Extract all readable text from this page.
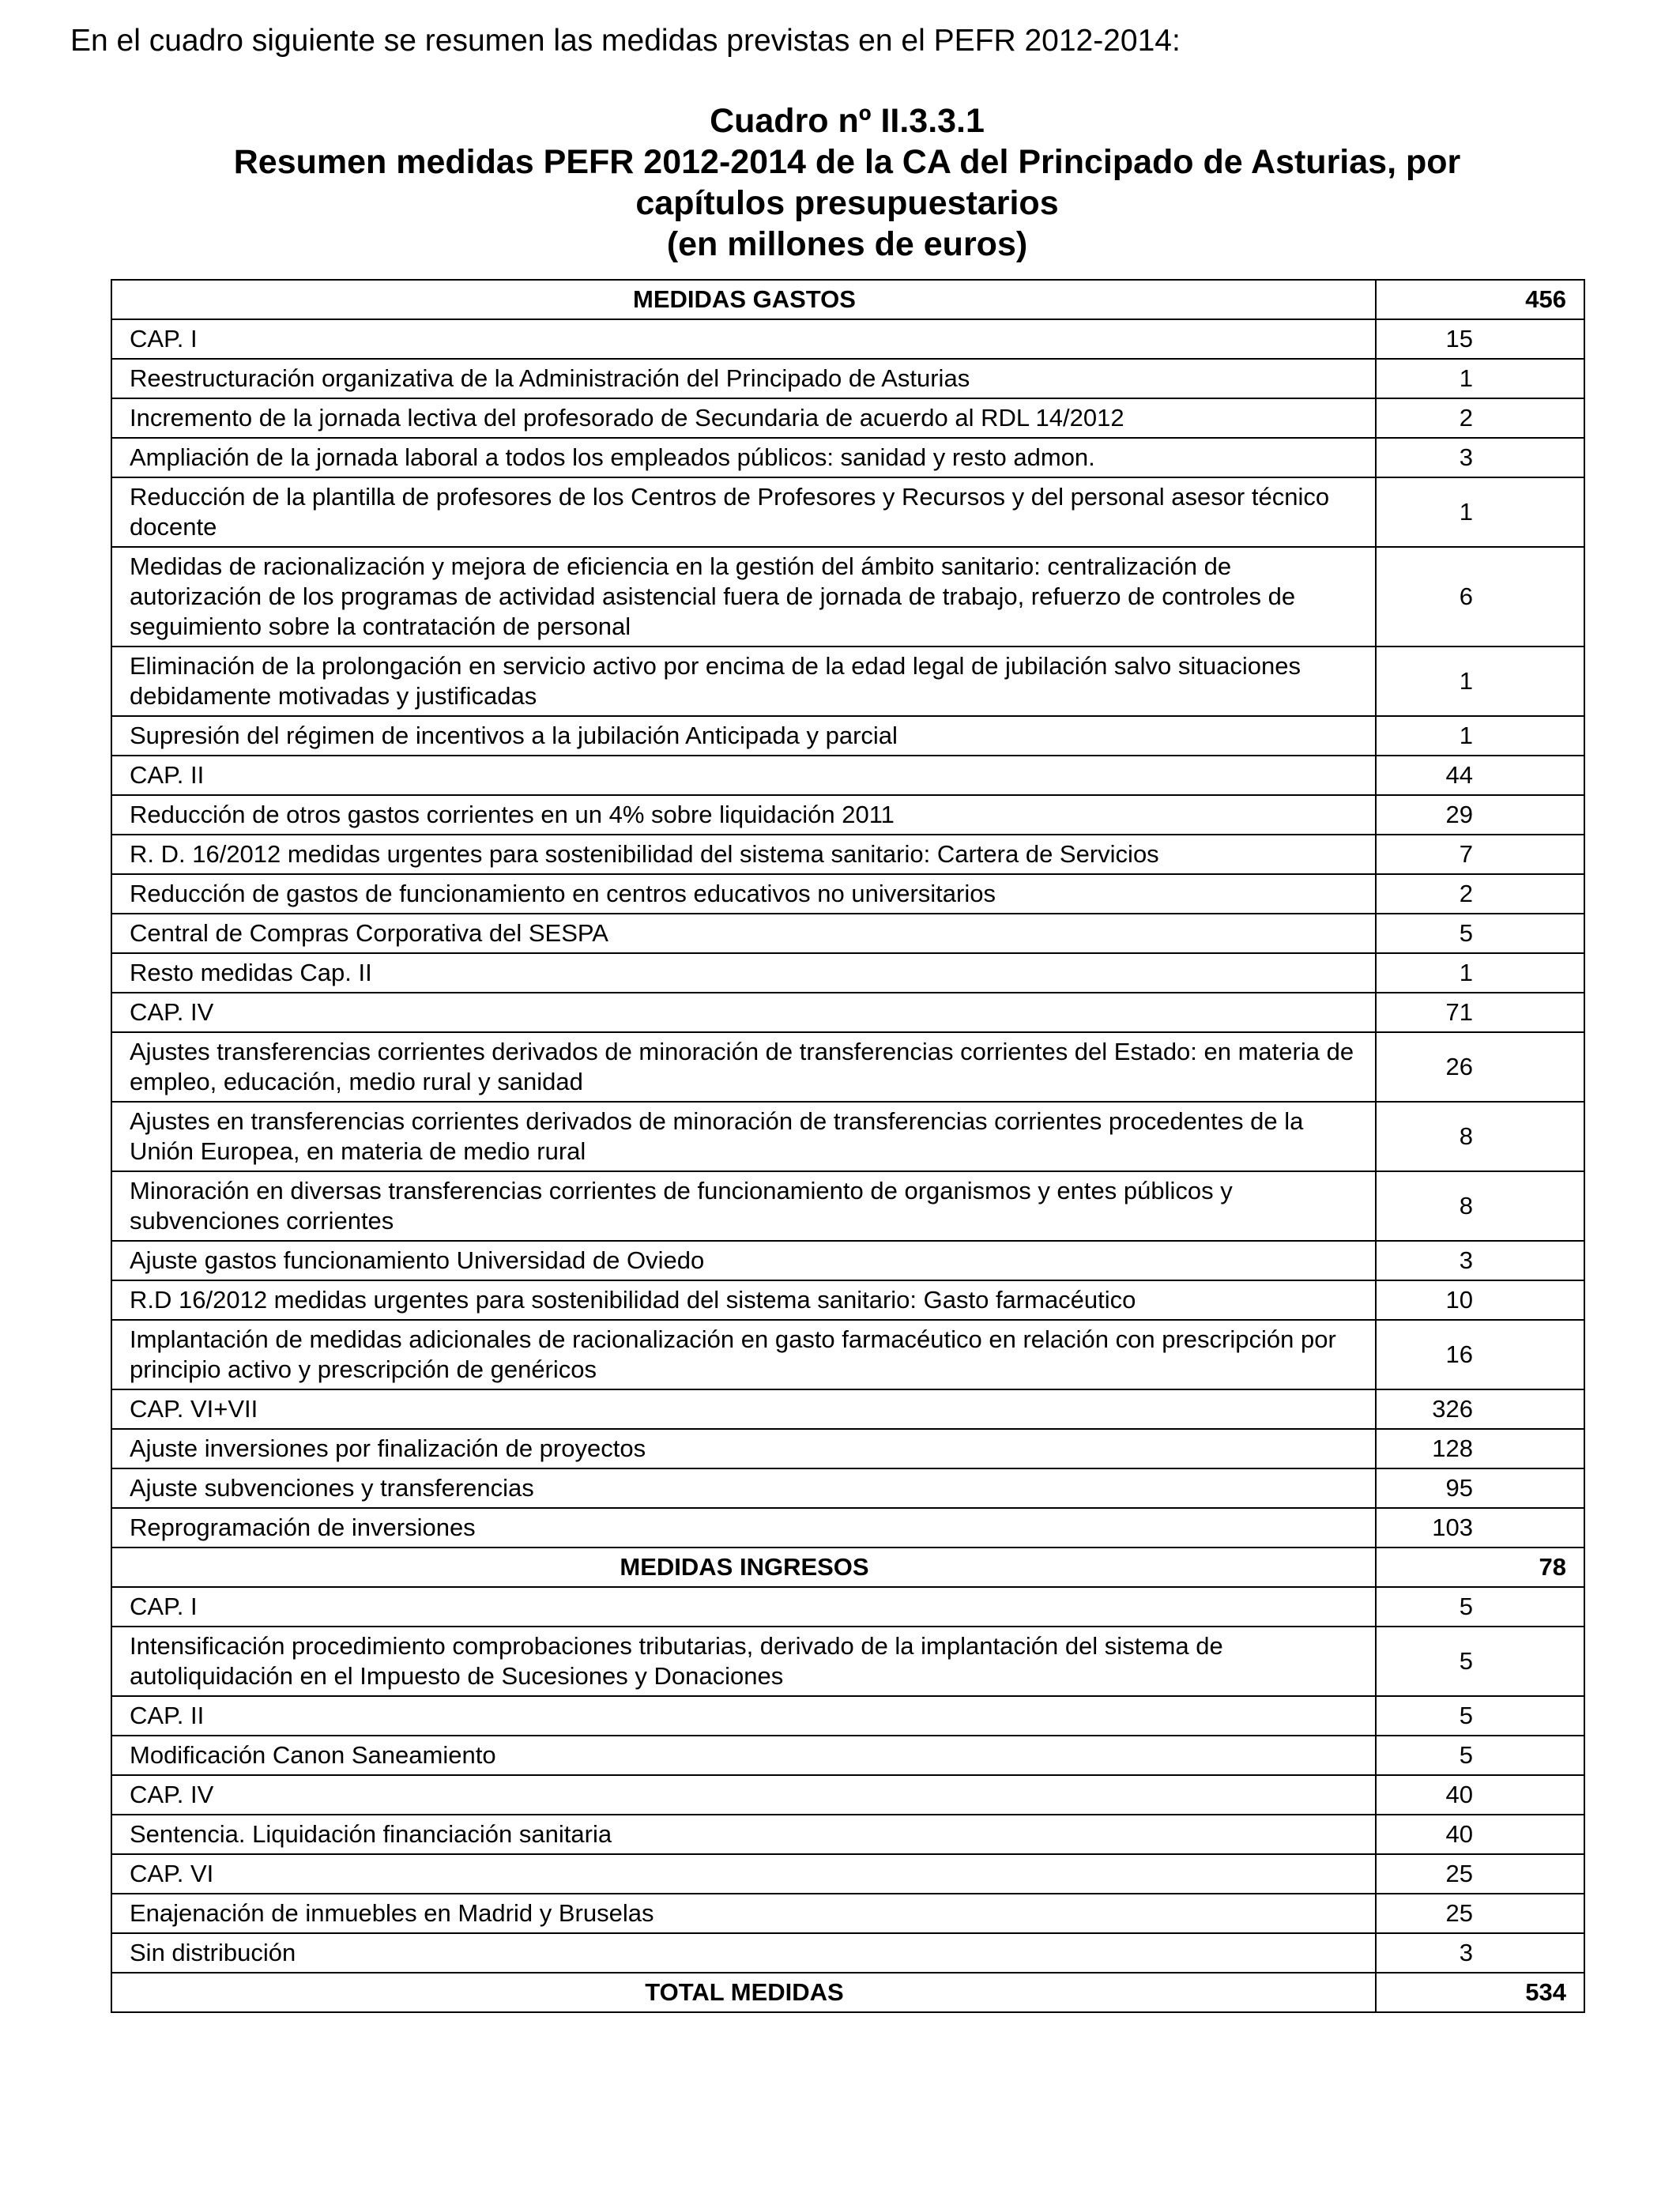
En el cuadro siguiente se resumen las medidas previstas en el PEFR 2012-2014:
Cuadro nº II.3.3.1
Resumen medidas PEFR 2012-2014 de la CA del Principado de Asturias, por
capítulos presupuestarios
(en millones de euros)
MEDIDAS GASTOS	456
CAP. I	15
Reestructuración organizativa de la Administración del Principado de Asturias	1
Incremento de la jornada lectiva del profesorado de Secundaria de acuerdo al RDL 14/2012	2
Ampliación de la jornada laboral a todos los empleados públicos: sanidad y resto admon.	3
Reducción de la plantilla de profesores de los Centros de Profesores y Recursos y del personal asesor técnico docente	1
Medidas de racionalización y mejora de eficiencia en la gestión del ámbito sanitario: centralización de autorización de los programas de actividad asistencial fuera de jornada de trabajo, refuerzo de controles de seguimiento sobre la contratación de personal	6
Eliminación de la prolongación en servicio activo por encima de la edad legal de jubilación salvo situaciones debidamente motivadas y justificadas	1
Supresión del régimen de incentivos a la jubilación Anticipada y parcial	1
CAP. II	44
Reducción de otros gastos corrientes en un 4% sobre liquidación 2011	29
R. D. 16/2012 medidas urgentes para sostenibilidad del sistema sanitario: Cartera de Servicios	7
Reducción de gastos de funcionamiento en centros educativos no universitarios	2
Central de Compras Corporativa del SESPA	5
Resto medidas Cap. II	1
CAP. IV	71
Ajustes transferencias corrientes derivados de minoración de transferencias corrientes del Estado: en materia de empleo, educación, medio rural y sanidad	26
Ajustes en transferencias corrientes derivados de minoración de transferencias corrientes procedentes de la Unión Europea, en materia de medio rural	8
Minoración en diversas transferencias corrientes de funcionamiento de organismos y entes públicos y subvenciones corrientes	8
Ajuste gastos funcionamiento Universidad de Oviedo	3
R.D 16/2012 medidas urgentes para sostenibilidad del sistema sanitario: Gasto farmacéutico	10
Implantación de medidas adicionales de racionalización en gasto farmacéutico en relación con prescripción por principio activo y prescripción de genéricos	16
CAP. VI+VII	326
Ajuste inversiones por finalización de proyectos	128
Ajuste subvenciones y transferencias	95
Reprogramación de inversiones	103
MEDIDAS INGRESOS	78
CAP. I	5
Intensificación procedimiento comprobaciones tributarias, derivado de la implantación del sistema de autoliquidación en el Impuesto de Sucesiones y Donaciones	5
CAP. II	5
Modificación Canon Saneamiento	5
CAP. IV	40
Sentencia. Liquidación financiación sanitaria	40
CAP. VI	25
Enajenación de inmuebles en Madrid y Bruselas	25
Sin distribución	3
TOTAL MEDIDAS	534
